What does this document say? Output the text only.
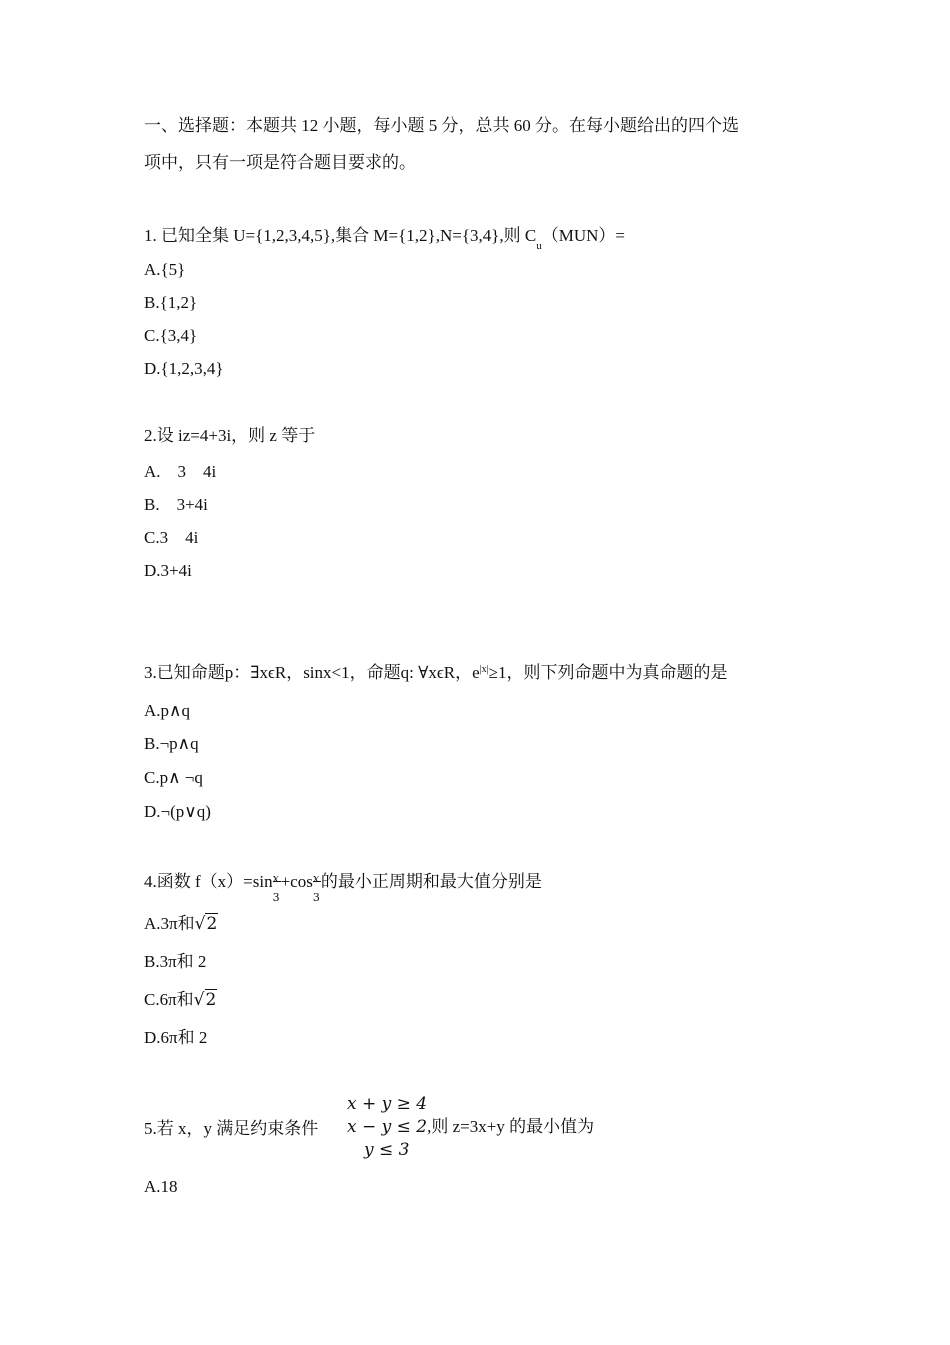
一、选择题：本题共 12 小题，每小题 5 分，总共 60 分。在每小题给出的四个选
项中，只有一项是符合题目要求的。
1. 已知全集 U={1,2,3,4,5},集合 M={1,2},N={3,4},则 $C_u(MUN)=$
A.{5}
B.{1,2}
C.{3,4}
D.{1,2,3,4}
2.设 iz=4+3i，则 z 等于
A.    3    4i
B.    3+4i
C.3    4i
D.3+4i
3.已知命题p：∃xϵR，sinx<1，命题q: ∀xϵR，$e^{|x|}\ge 1$，则下列命题中为真命题的是
A.p∧q
B.¬p∧q
C.p∧ ¬q
D.¬(p∨q)
4.函数 $f(x)=\sin \frac{x}{3} +\cos \frac{x}{3}$ 的最小正周期和最大值分别是
A.3π和√2
B.3π和 2
C.6π和√2
D.6π和 2
5.若 x，y 满足约束条件
x + y ≥ 4
x − y ≤ 2,则 z=3x+y 的最小值为
y ≤ 3
A.18
